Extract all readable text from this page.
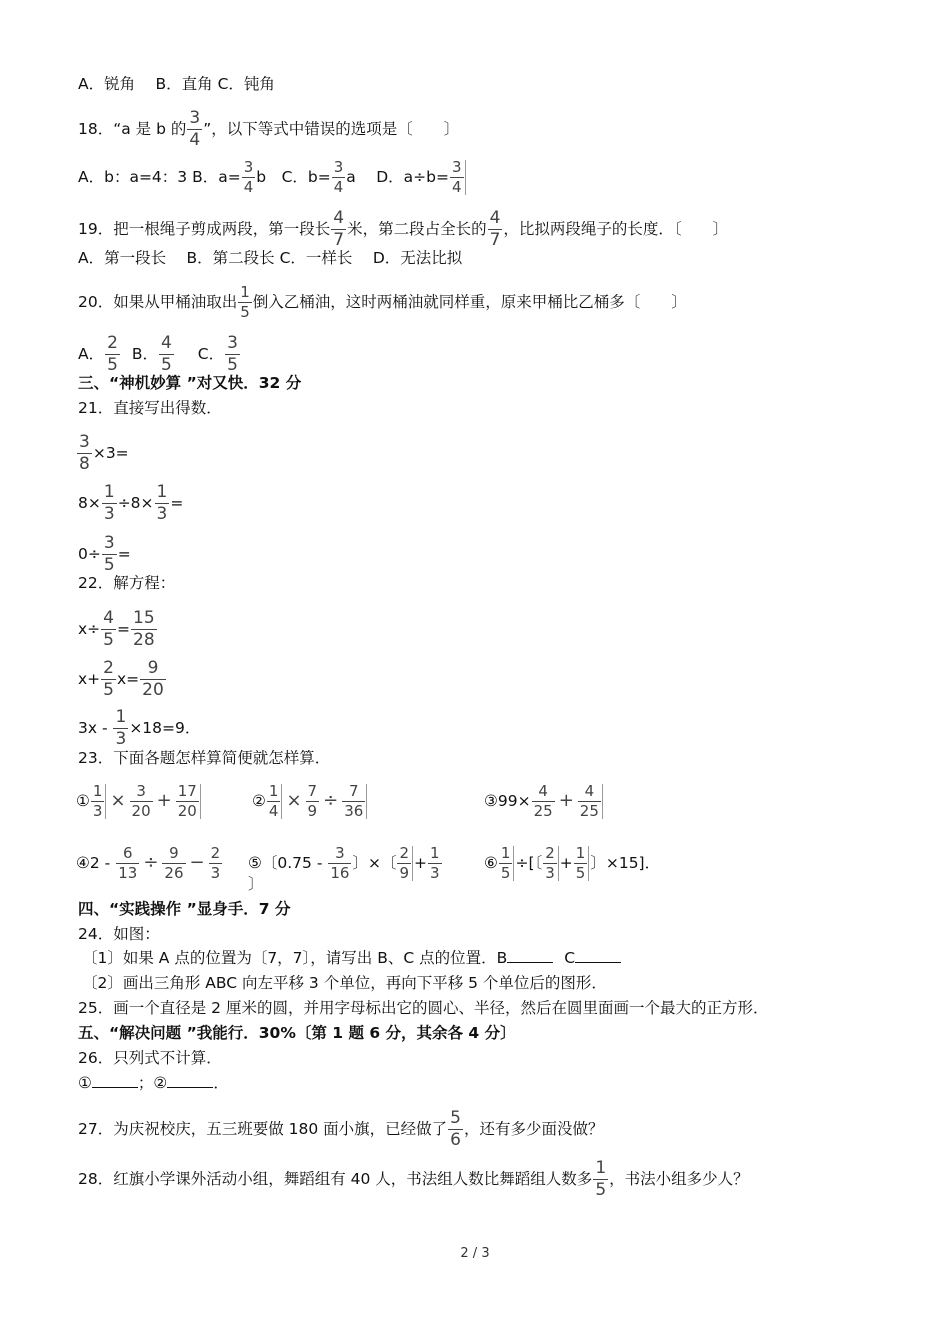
A．锐角　 B．直角 C．钝角
18．“a 是 b 的 $\frac{3}{4}$ ”，以下等式中错误的选项是〔　　〕
A．b：a=4：3 B．$a= \frac{3}{4}$ b　C．$b= \frac{3}{4}$ a　 D．$a\div b= \frac{3}{4}$
19．把一根绳子剪成两段，第一段长 $\frac{4}{7}$ 米，第二段占全长的 $\frac{4}{7}$ ，比拟两段绳子的长度．〔　　〕
A．第一段长　 B．第二段长 C．一样长　 D．无法比拟
20．如果从甲桶油取出 $\frac{1}{5}$ 倒入乙桶油，这时两桶油就同样重，原来甲桶比乙桶多〔　　〕
A． $\frac{2}{5}$ B． $\frac{4}{5}$ C． $\frac{3}{5}$
三、“神机妙算 ”对又快．32 分
21．直接写出得数．
$\frac{3}{8} \times 3=$
$8\times \frac{1}{3} \div 8\times \frac{1}{3}$ =
$0\div \frac{3}{5}$ =
22．解方程：
$x\div \frac{4}{5} = \frac{15}{28}$
$x+ \frac{2}{5} x= \frac{9}{20}$
$3x - \frac{1}{3} \times 18=9$．
23．下面各题怎样算简便就怎样算．
① $\frac{1}{3} \times \frac{3}{20} + \frac{17}{20}$	② $\frac{1}{4} \times \frac{7}{9} \div \frac{7}{36}$	③99× $\frac{4}{25} + \frac{4}{25}$
④2 - $\frac{6}{13} \div \frac{9}{26} - \frac{2}{3}$ ⑤〔$0.75 - \frac{3}{16}$ 〕×〔 $\frac{2}{9} + \frac{1}{3}$
〕
⑥ $\frac{1}{5}$ ÷[〔 $\frac{2}{3} + \frac{1}{5}$ 〕×15]．
四、“实践操作 ”显身手．7 分
24．如图：
〔1〕如果 A 点的位置为〔7，7〕，请写出 B、C 点的位置．B	C
〔2〕画出三角形 ABC 向左平移 3 个单位，再向下平移 5 个单位后的图形．
25．画一个直径是 2 厘米的圆，并用字母标出它的圆心、半径，然后在圆里面画一个最大的正方形．
五、“解决问题 ”我能行．30%〔第 1 题 6 分，其余各 4 分〕
26．只列式不计算．
①	；②	．
27．为庆祝校庆，五三班要做 180 面小旗，已经做了 $\frac{5}{6}$ ，还有多少面没做？
28．红旗小学课外活动小组，舞蹈组有 40 人，书法组人数比舞蹈组人数多 $\frac{1}{5}$ ，书法小组多少人？
2 / 3
